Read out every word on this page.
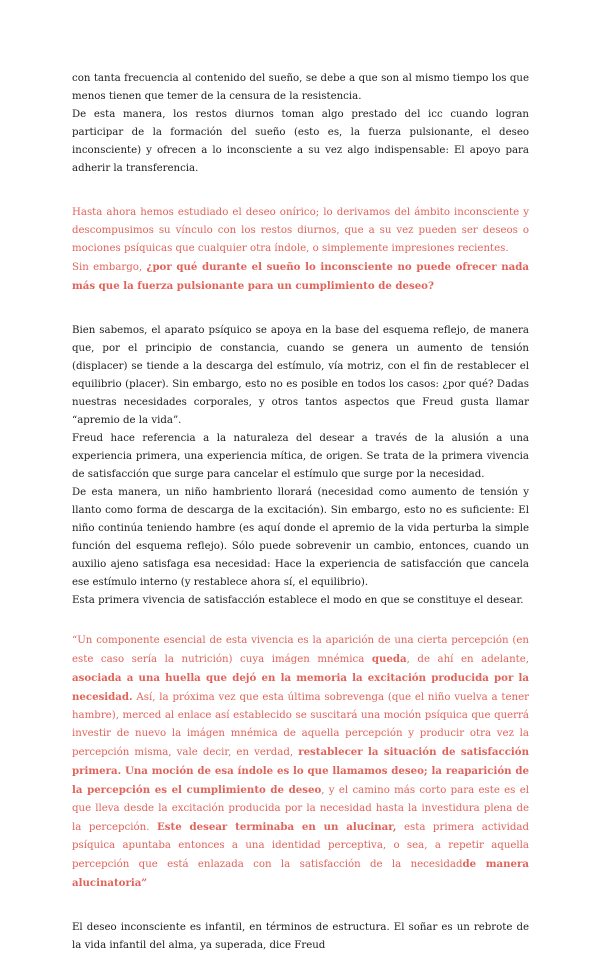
con tanta frecuencia al contenido del sueño, se debe a que son al mismo tiempo los que menos tienen que temer de la censura de la resistencia.

De esta manera, los restos diurnos toman algo prestado del icc cuando logran participar de la formación del sueño (esto es, la fuerza pulsionante, el deseo inconsciente) y ofrecen a lo inconsciente a su vez algo indispensable: El apoyo para adherir la transferencia.

Hasta ahora hemos estudiado el deseo onírico; lo derivamos del ámbito inconsciente y descompusimos su vínculo con los restos diurnos, que a su vez pueden ser deseos o mociones psíquicas que cualquier otra índole, o simplemente impresiones recientes.

Sin embargo, ¿por qué durante el sueño lo inconsciente no puede ofrecer nada más que la fuerza pulsionante para un cumplimiento de deseo?

Bien sabemos, el aparato psíquico se apoya en la base del esquema reflejo, de manera que, por el principio de constancia, cuando se genera un aumento de tensión (displacer) se tiende a la descarga del estímulo, vía motriz, con el fin de restablecer el equilibrio (placer). Sin embargo, esto no es posible en todos los casos: ¿por qué? Dadas nuestras necesidades corporales, y otros tantos aspectos que Freud gusta llamar “apremio de la vida”.

Freud hace referencia a la naturaleza del desear a través de la alusión a una experiencia primera, una experiencia mítica, de origen. Se trata de la primera vivencia de satisfacción que surge para cancelar el estímulo que surge por la necesidad.

De esta manera, un niño hambriento llorará (necesidad como aumento de tensión y llanto como forma de descarga de la excitación). Sin embargo, esto no es suficiente: El niño continúa teniendo hambre (es aquí donde el apremio de la vida perturba la simple función del esquema reflejo). Sólo puede sobrevenir un cambio, entonces, cuando un auxilio ajeno satisfaga esa necesidad: Hace la experiencia de satisfacción que cancela ese estímulo interno (y restablece ahora sí, el equilibrio).

Esta primera vivencia de satisfacción establece el modo en que se constituye el desear.

“Un componente esencial de esta vivencia es la aparición de una cierta percepción (en este caso sería la nutrición) cuya imágen mnémica queda, de ahí en adelante, asociada a una huella que dejó en la memoria la excitación producida por la necesidad. Así, la próxima vez que esta última sobrevenga (que el niño vuelva a tener hambre), merced al enlace así establecido se suscitará una moción psíquica que querrá investir de nuevo la imágen mnémica de aquella percepción y producir otra vez la percepción misma, vale decir, en verdad, restablecer la situación de satisfacción primera. Una moción de esa índole es lo que llamamos deseo; la reaparición de la percepción es el cumplimiento de deseo, y el camino más corto para este es el que lleva desde la excitación producida por la necesidad hasta la investidura plena de la percepción. Este desear terminaba en un alucinar, esta primera actividad psíquica apuntaba entonces a una identidad perceptiva, o sea, a repetir aquella percepción que está enlazada con la satisfacción de la necesidadde manera alucinatoria”

El deseo inconsciente es infantil, en términos de estructura. El soñar es un rebrote de la vida infantil del alma, ya superada, dice Freud
